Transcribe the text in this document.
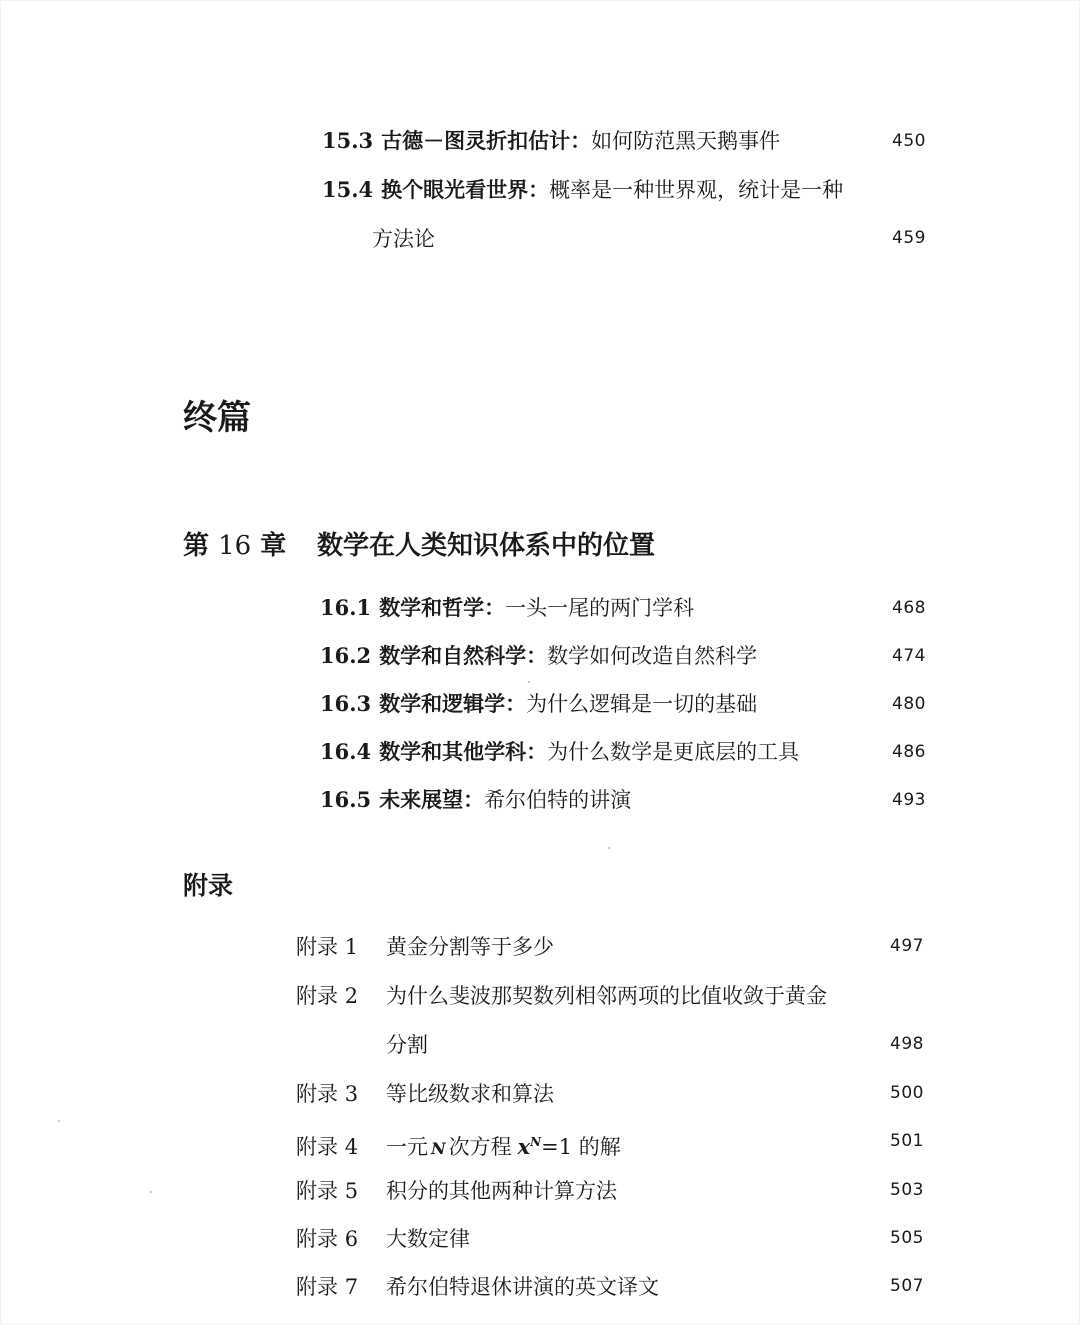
15.3 古德－图灵折扣估计：如何防范黑天鹅事件	450
15.4 换个眼光看世界：概率是一种世界观，统计是一种
方法论	459
终篇
第 16 章 数学在人类知识体系中的位置
16.1 数学和哲学：一头一尾的两门学科	468
16.2 数学和自然科学：数学如何改造自然科学	474
16.3 数学和逻辑学：为什么逻辑是一切的基础	480
16.4 数学和其他学科：为什么数学是更底层的工具	486
16.5 未来展望：希尔伯特的讲演	493
附录
附录 1 黄金分割等于多少	497
附录 2 为什么斐波那契数列相邻两项的比值收敛于黄金
分割	498
附录 3 等比级数求和算法	500
附录 4 一元 N 次方程 $x^N=1$ 的解	501
附录 5 积分的其他两种计算方法	503
附录 6 大数定律	505
附录 7 希尔伯特退休讲演的英文译文	507
